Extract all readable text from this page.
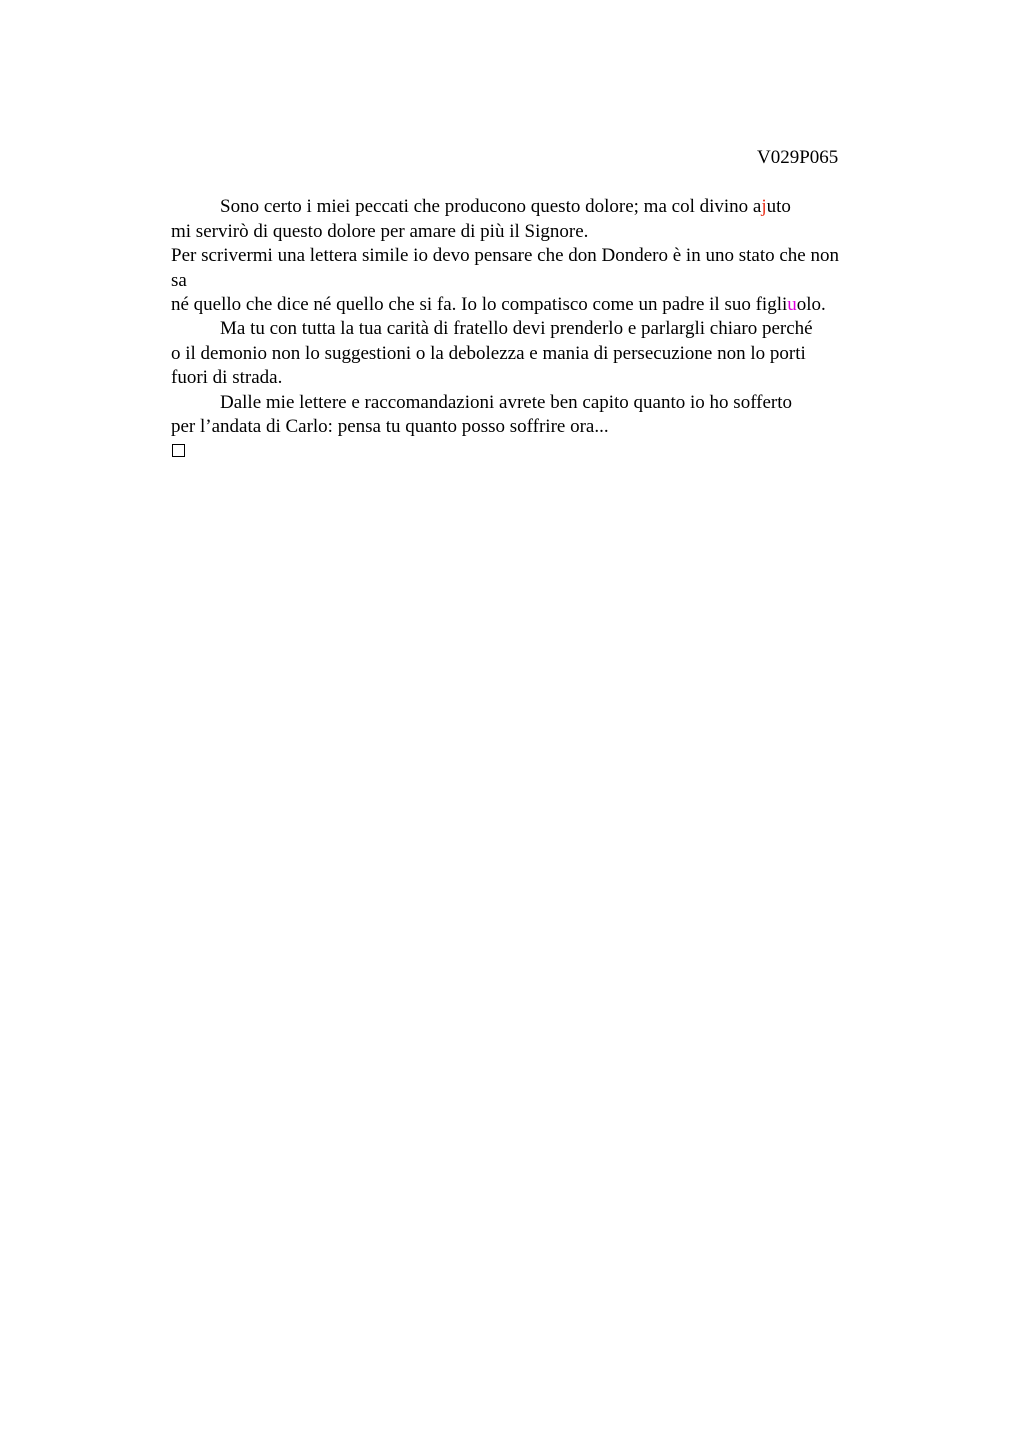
V029P065
Sono certo i miei peccati che producono questo dolore; ma col divino ajuto
mi servirò di questo dolore per amare di più il Signore.
Per scrivermi una lettera simile io devo pensare che don Dondero è in uno stato che non
sa
né quello che dice né quello che si fa. Io lo compatisco come un padre il suo figliuolo.
Ma tu con tutta la tua carità di fratello devi prenderlo e parlargli chiaro perché
o il demonio non lo suggestioni o la debolezza e mania di persecuzione non lo porti
fuori di strada.
Dalle mie lettere e raccomandazioni avrete ben capito quanto io ho sofferto
per l’andata di Carlo: pensa tu quanto posso soffrire ora...
